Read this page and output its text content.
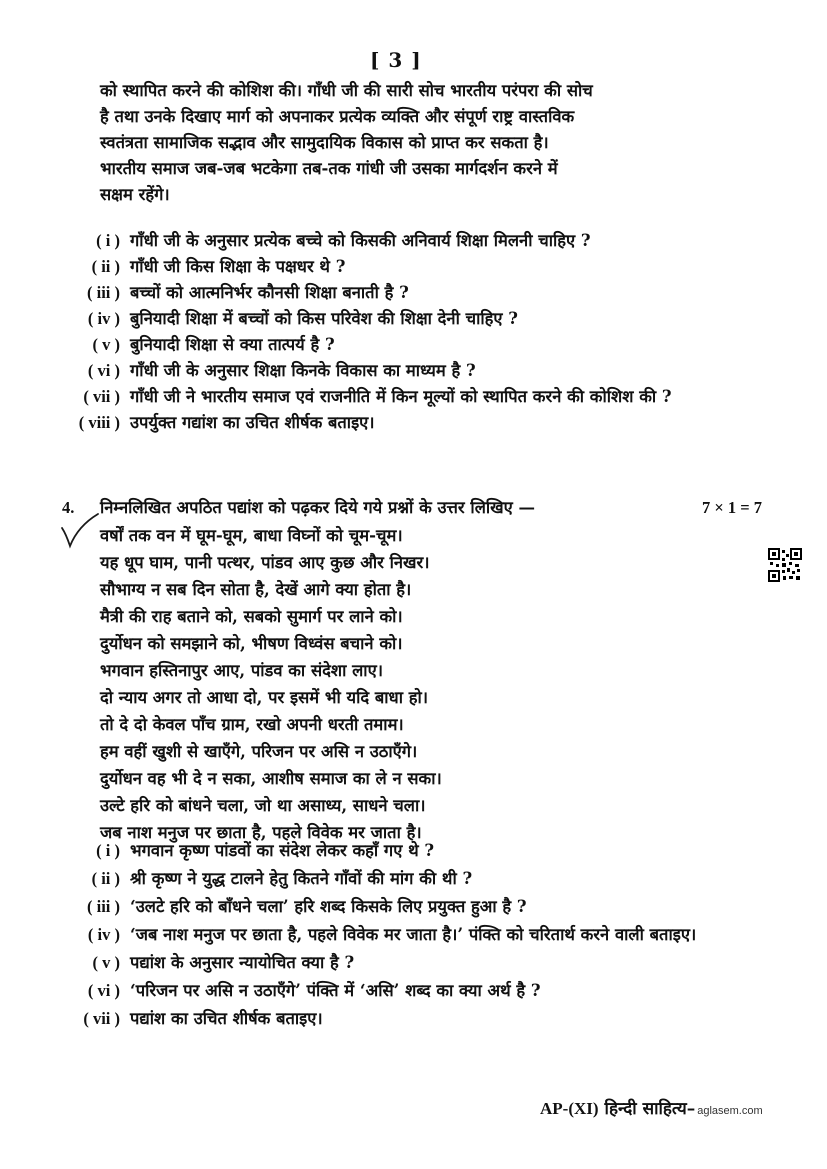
[ 3 ]

को स्थापित करने की कोशिश की। गाँधी जी की सारी सोच भारतीय परंपरा की सोच

है तथा उनके दिखाए मार्ग को अपनाकर प्रत्येक व्यक्ति और संपूर्ण राष्ट्र वास्तविक

स्वतंत्रता सामाजिक सद्भाव और सामुदायिक विकास को प्राप्त कर सकता है।

भारतीय समाज जब-जब भटकेगा तब-तक गांधी जी उसका मार्गदर्शन करने में

सक्षम रहेंगे।

( i ) गाँधी जी के अनुसार प्रत्येक बच्चे को किसकी अनिवार्य शिक्षा मिलनी चाहिए ?
( ii ) गाँधी जी किस शिक्षा के पक्षधर थे ?
( iii ) बच्चों को आत्मनिर्भर कौनसी शिक्षा बनाती है ?
( iv ) बुनियादी शिक्षा में बच्चों को किस परिवेश की शिक्षा देनी चाहिए ?
( v ) बुनियादी शिक्षा से क्या तात्पर्य है ?
( vi ) गाँधी जी के अनुसार शिक्षा किनके विकास का माध्यम है ?
( vii ) गाँधी जी ने भारतीय समाज एवं राजनीति में किन मूल्यों को स्थापित करने की कोशिश की ?
( viii ) उपर्युक्त गद्यांश का उचित शीर्षक बताइए।
4.	निम्नलिखित अपठित पद्यांश को पढ़कर दिये गये प्रश्नों के उत्तर लिखिए —	7 × 1 = 7

वर्षों तक वन में घूम-घूम, बाधा विघ्नों को चूम-चूम।

यह धूप घाम, पानी पत्थर, पांडव आए कुछ और निखर।

सौभाग्य न सब दिन सोता है, देखें आगे क्या होता है।

मैत्री की राह बताने को, सबको सुमार्ग पर लाने को।

दुर्योधन को समझाने को, भीषण विध्वंस बचाने को।

भगवान हस्तिनापुर आए, पांडव का संदेशा लाए।

दो न्याय अगर तो आधा दो, पर इसमें भी यदि बाधा हो।

तो दे दो केवल पाँच ग्राम, रखो अपनी धरती तमाम।

हम वहीं खुशी से खाएँगे, परिजन पर असि न उठाएँगे।

दुर्योधन वह भी दे न सका, आशीष समाज का ले न सका।

उल्टे हरि को बांधने चला, जो था असाध्य, साधने चला।

जब नाश मनुज पर छाता है, पहले विवेक मर जाता है।

( i ) भगवान कृष्ण पांडवों का संदेश लेकर कहाँ गए थे ?
( ii ) श्री कृष्ण ने युद्ध टालने हेतु कितने गाँवों की मांग की थी ?
( iii ) ‘उलटे हरि को बाँधने चला’ हरि शब्द किसके लिए प्रयुक्त हुआ है ?
( iv ) ‘जब नाश मनुज पर छाता है, पहले विवेक मर जाता है।’ पंक्ति को चरितार्थ करने वाली बताइए।
( v ) पद्यांश के अनुसार न्यायोचित क्या है ?
( vi ) ‘परिजन पर असि न उठाएँगे’ पंक्ति में ‘असि’ शब्द का क्या अर्थ है ?
( vii ) पद्यांश का उचित शीर्षक बताइए।
AP-(XI) हिन्दी साहित्य– aglasem.com
